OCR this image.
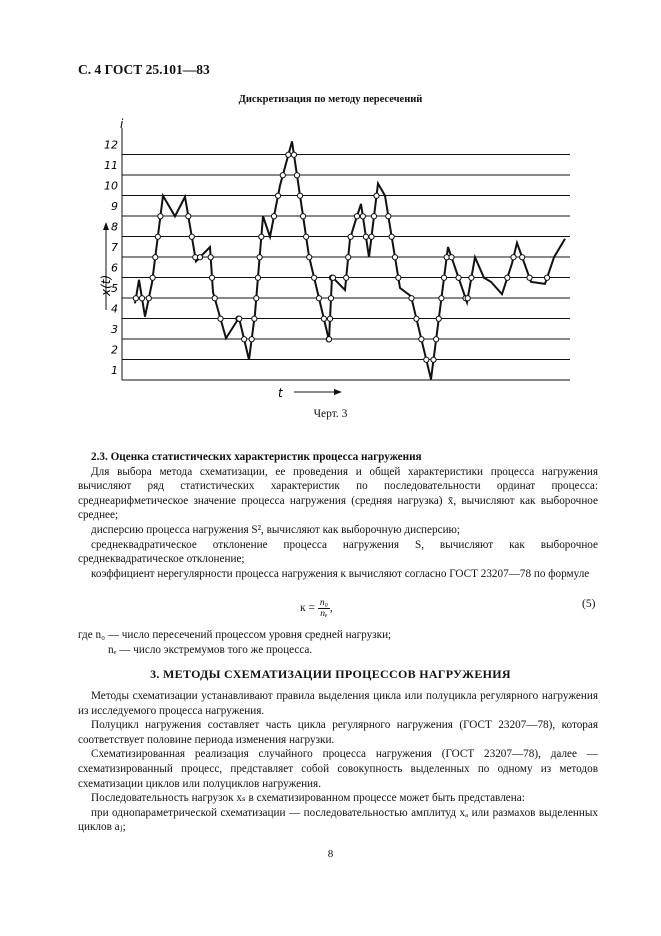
С. 4 ГОСТ 25.101—83
Дискретизация по методу пересечений
1
2
3
4
5
6
7
8
9
10
11
12
i
x(t)
t
Черт. 3

2.3. Оценка статистических характеристик процесса нагружения

Для выбора метода схематизации, ее проведения и общей характеристики процесса нагружения вычисляют ряд статистических характеристик по последовательности ординат процесса: среднеарифметическое значение процесса нагружения (средняя нагрузка) x̄, вычисляют как выборочное среднее;

дисперсию процесса нагружения S², вычисляют как выборочную дисперсию;

среднеквадратическое отклонение процесса нагружения S, вычисляют как выборочное среднеквадратическое отклонение;

коэффициент нерегулярности процесса нагружения к вычисляют согласно ГОСТ 23207—78 по формуле

$к = \frac{\text{n₀}}{\text{nₑ}}$ ,	(5)

где n₀ — число пересечений процессом уровня средней нагрузки;

nₑ — число экстремумов того же процесса.

3. МЕТОДЫ СХЕМАТИЗАЦИИ ПРОЦЕССОВ НАГРУЖЕНИЯ

Методы схематизации устанавливают правила выделения цикла или полуцикла регулярного нагружения из исследуемого процесса нагружения.

Полуцикл нагружения составляет часть цикла регулярного нагружения (ГОСТ 23207—78), которая соответствует половине периода изменения нагрузки.

Схематизированная реализация случайного процесса нагружения (ГОСТ 23207—78), далее — схематизированный процесс, представляет собой совокупность выделенных по одному из методов схематизации циклов или полуциклов нагружения.

Последовательность нагрузок xₛ в схематизированном процессе может быть представлена:

при однопараметрической схематизации — последовательностью амплитуд xₐ или размахов выделенных циклов aⱼ;

8
